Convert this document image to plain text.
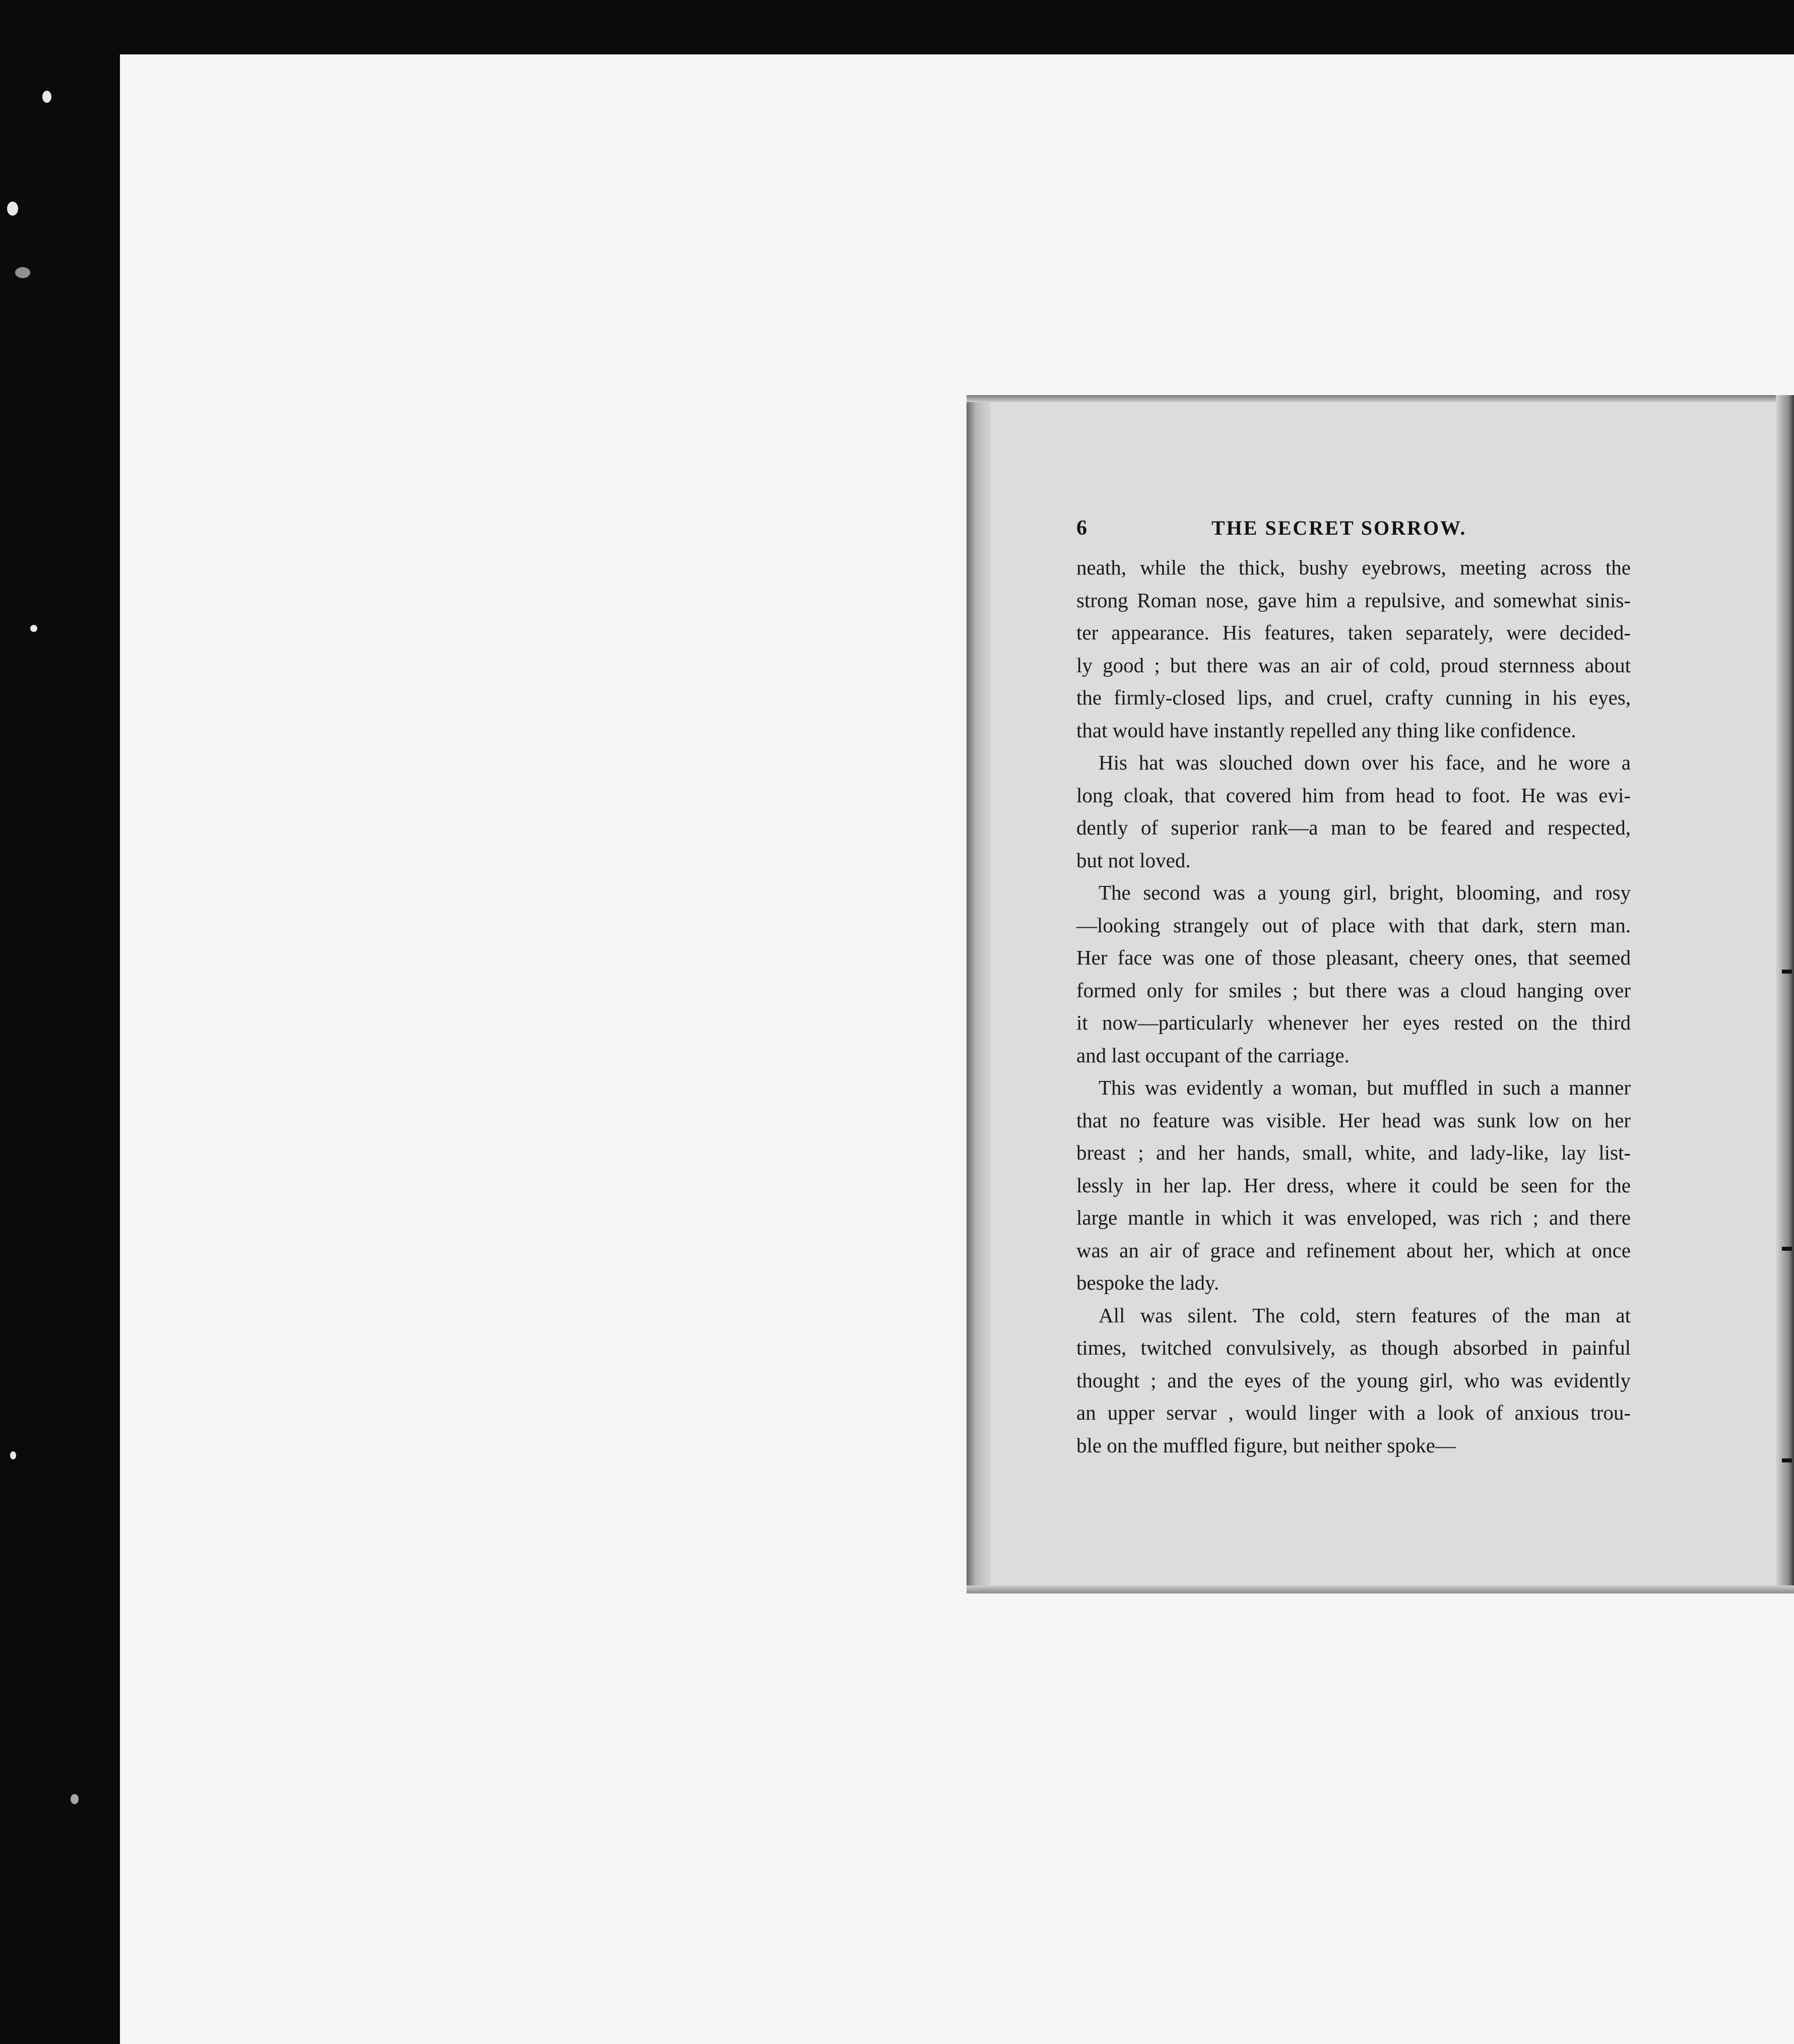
6	THE SECRET SORROW.
neath, while the thick, bushy eyebrows, meeting across the
strong Roman nose, gave him a repulsive, and somewhat sinis-
ter appearance. His features, taken separately, were decided-
ly good ; but there was an air of cold, proud sternness about
the firmly-closed lips, and cruel, crafty cunning in his eyes,
that would have instantly repelled any thing like confidence.
His hat was slouched down over his face, and he wore a
long cloak, that covered him from head to foot. He was evi-
dently of superior rank—a man to be feared and respected,
but not loved.
The second was a young girl, bright, blooming, and rosy
—looking strangely out of place with that dark, stern man.
Her face was one of those pleasant, cheery ones, that seemed
formed only for smiles ; but there was a cloud hanging over
it now—particularly whenever her eyes rested on the third
and last occupant of the carriage.
This was evidently a woman, but muffled in such a manner
that no feature was visible. Her head was sunk low on her
breast ; and her hands, small, white, and lady-like, lay list-
lessly in her lap. Her dress, where it could be seen for the
large mantle in which it was enveloped, was rich ; and there
was an air of grace and refinement about her, which at once
bespoke the lady.
All was silent. The cold, stern features of the man at
times, twitched convulsively, as though absorbed in painful
thought ; and the eyes of the young girl, who was evidently
an upper servar , would linger with a look of anxious trou-
ble on the muffled figure, but neither spoke—
